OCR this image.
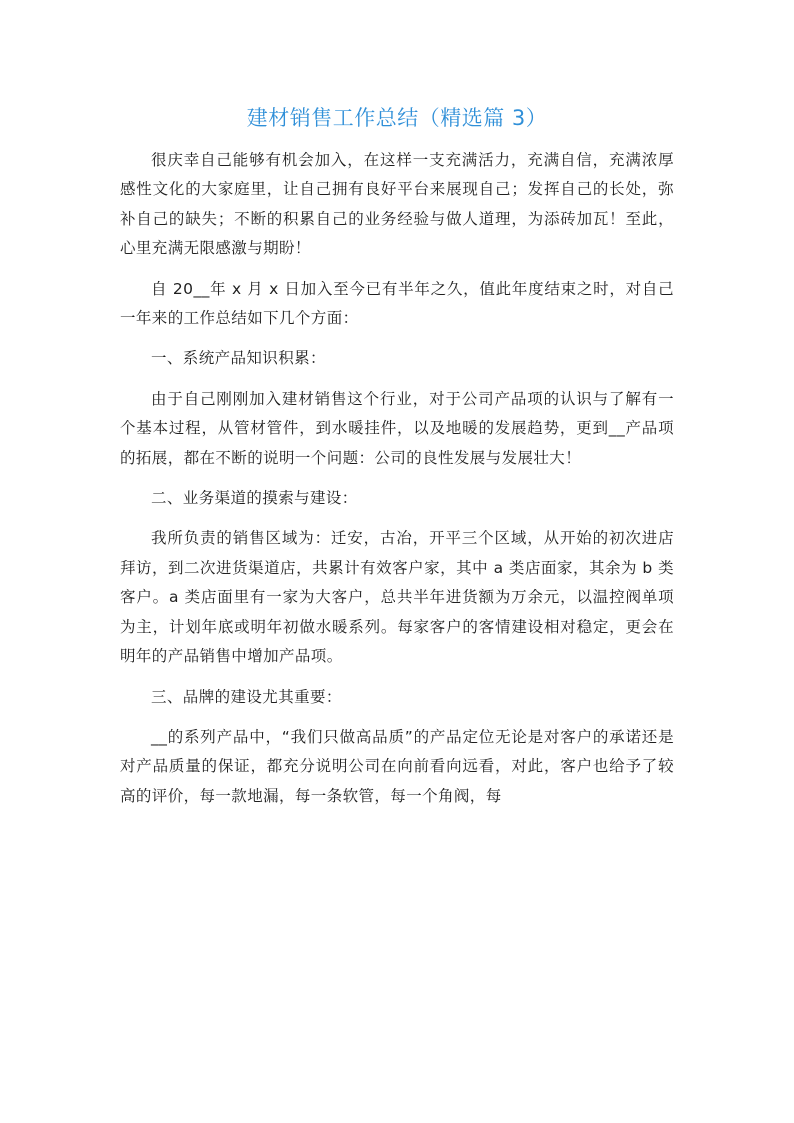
建材销售工作总结（精选篇 3）

很庆幸自己能够有机会加入，在这样一支充满活力，充满自信，充满浓厚感性文化的大家庭里，让自己拥有良好平台来展现自己；发挥自己的长处，弥补自己的缺失；不断的积累自己的业务经验与做人道理，为添砖加瓦！至此，心里充满无限感激与期盼！

自 20__年 x 月 x 日加入至今已有半年之久，值此年度结束之时，对自己一年来的工作总结如下几个方面：

一、系统产品知识积累：

由于自己刚刚加入建材销售这个行业，对于公司产品项的认识与了解有一个基本过程，从管材管件，到水暖挂件，以及地暖的发展趋势，更到__产品项的拓展，都在不断的说明一个问题：公司的良性发展与发展壮大！

二、业务渠道的摸索与建设：

我所负责的销售区域为：迁安，古冶，开平三个区域，从开始的初次进店拜访，到二次进货渠道店，共累计有效客户家，其中 a 类店面家，其余为 b 类客户。a 类店面里有一家为大客户，总共半年进货额为万余元，以温控阀单项为主，计划年底或明年初做水暖系列。每家客户的客情建设相对稳定，更会在明年的产品销售中增加产品项。

三、品牌的建设尤其重要：

__的系列产品中，“我们只做高品质”的产品定位无论是对客户的承诺还是对产品质量的保证，都充分说明公司在向前看向远看，对此，客户也给予了较高的评价，每一款地漏，每一条软管，每一个角阀，每
